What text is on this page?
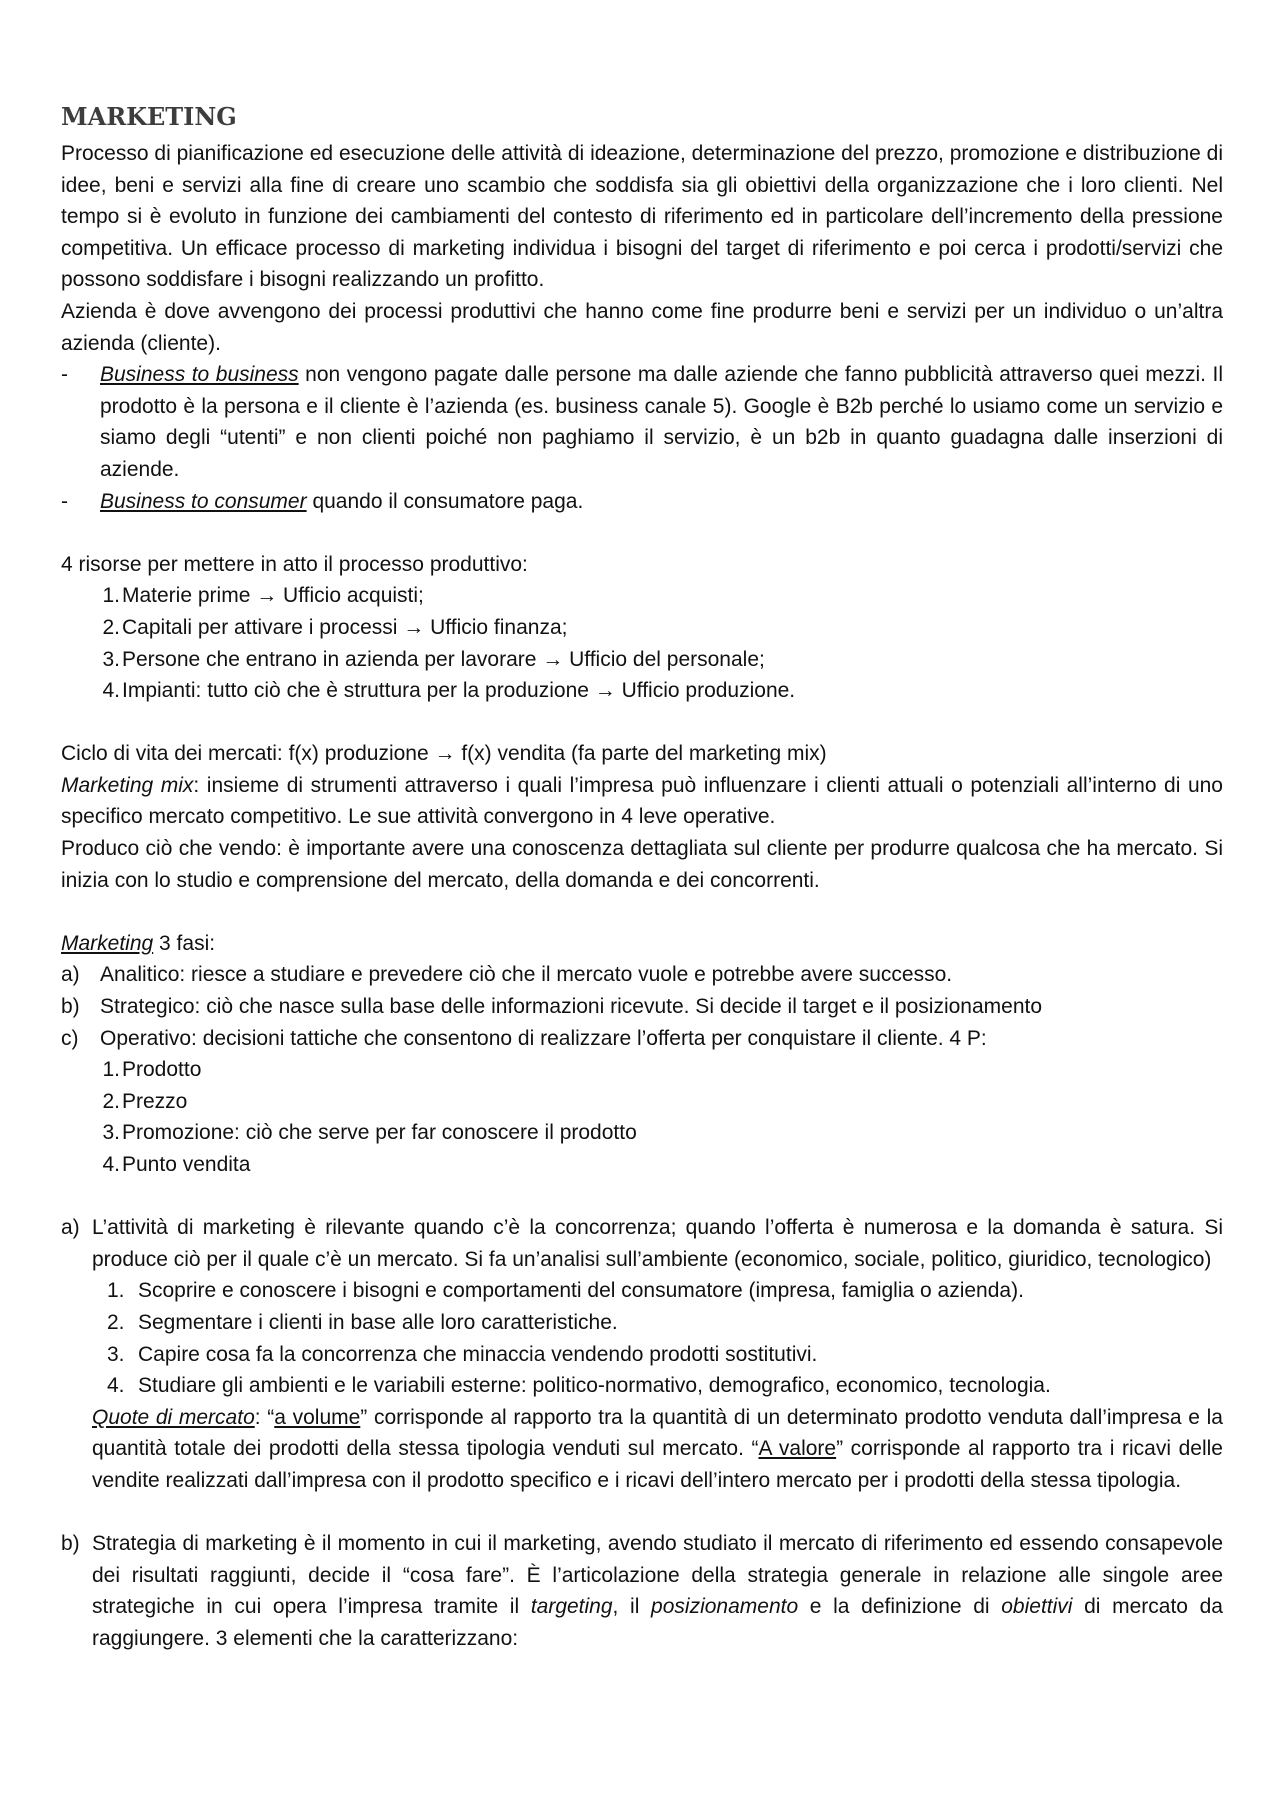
MARKETING

Processo di pianificazione ed esecuzione delle attività di ideazione, determinazione del prezzo, promozione e distribuzione di idee, beni e servizi alla fine di creare uno scambio che soddisfa sia gli obiettivi della organizzazione che i loro clienti. Nel tempo si è evoluto in funzione dei cambiamenti del contesto di riferimento ed in particolare dell’incremento della pressione competitiva. Un efficace processo di marketing individua i bisogni del target di riferimento e poi cerca i prodotti/servizi che possono soddisfare i bisogni realizzando un profitto.

Azienda è dove avvengono dei processi produttivi che hanno come fine produrre beni e servizi per un individuo o un’altra azienda (cliente).

- Business to business non vengono pagate dalle persone ma dalle aziende che fanno pubblicità attraverso quei mezzi. Il prodotto è la persona e il cliente è l’azienda (es. business canale 5). Google è B2b perché lo usiamo come un servizio e siamo degli “utenti” e non clienti poiché non paghiamo il servizio, è un b2b in quanto guadagna dalle inserzioni di aziende.
- Business to consumer quando il consumatore paga.

4 risorse per mettere in atto il processo produttivo:

1. Materie prime → Ufficio acquisti;
2. Capitali per attivare i processi → Ufficio finanza;
3. Persone che entrano in azienda per lavorare → Ufficio del personale;
4. Impianti: tutto ciò che è struttura per la produzione → Ufficio produzione.

Ciclo di vita dei mercati: f(x) produzione → f(x) vendita (fa parte del marketing mix)

Marketing mix: insieme di strumenti attraverso i quali l’impresa può influenzare i clienti attuali o potenziali all’interno di uno specifico mercato competitivo. Le sue attività convergono in 4 leve operative.

Produco ciò che vendo: è importante avere una conoscenza dettagliata sul cliente per produrre qualcosa che ha mercato. Si inizia con lo studio e comprensione del mercato, della domanda e dei concorrenti.

Marketing 3 fasi:

a) Analitico: riesce a studiare e prevedere ciò che il mercato vuole e potrebbe avere successo.
b) Strategico: ciò che nasce sulla base delle informazioni ricevute. Si decide il target e il posizionamento
c) Operativo: decisioni tattiche che consentono di realizzare l’offerta per conquistare il cliente. 4 P:
1. Prodotto
2. Prezzo
3. Promozione: ciò che serve per far conoscere il prodotto
4. Punto vendita
a) L’attività di marketing è rilevante quando c’è la concorrenza; quando l’offerta è numerosa e la domanda è satura. Si produce ciò per il quale c’è un mercato. Si fa un’analisi sull’ambiente (economico, sociale, politico, giuridico, tecnologico)

1. Scoprire e conoscere i bisogni e comportamenti del consumatore (impresa, famiglia o azienda).
2. Segmentare i clienti in base alle loro caratteristiche.
3. Capire cosa fa la concorrenza che minaccia vendendo prodotti sostitutivi.
4. Studiare gli ambienti e le variabili esterne: politico-normativo, demografico, economico, tecnologia.

Quote di mercato: “a volume” corrisponde al rapporto tra la quantità di un determinato prodotto venduta dall’impresa e la quantità totale dei prodotti della stessa tipologia venduti sul mercato. “A valore” corrisponde al rapporto tra i ricavi delle vendite realizzati dall’impresa con il prodotto specifico e i ricavi dell’intero mercato per i prodotti della stessa tipologia.

b) Strategia di marketing è il momento in cui il marketing, avendo studiato il mercato di riferimento ed essendo consapevole dei risultati raggiunti, decide il “cosa fare”. È l’articolazione della strategia generale in relazione alle singole aree strategiche in cui opera l’impresa tramite il targeting, il posizionamento e la definizione di obiettivi di mercato da raggiungere. 3 elementi che la caratterizzano:
